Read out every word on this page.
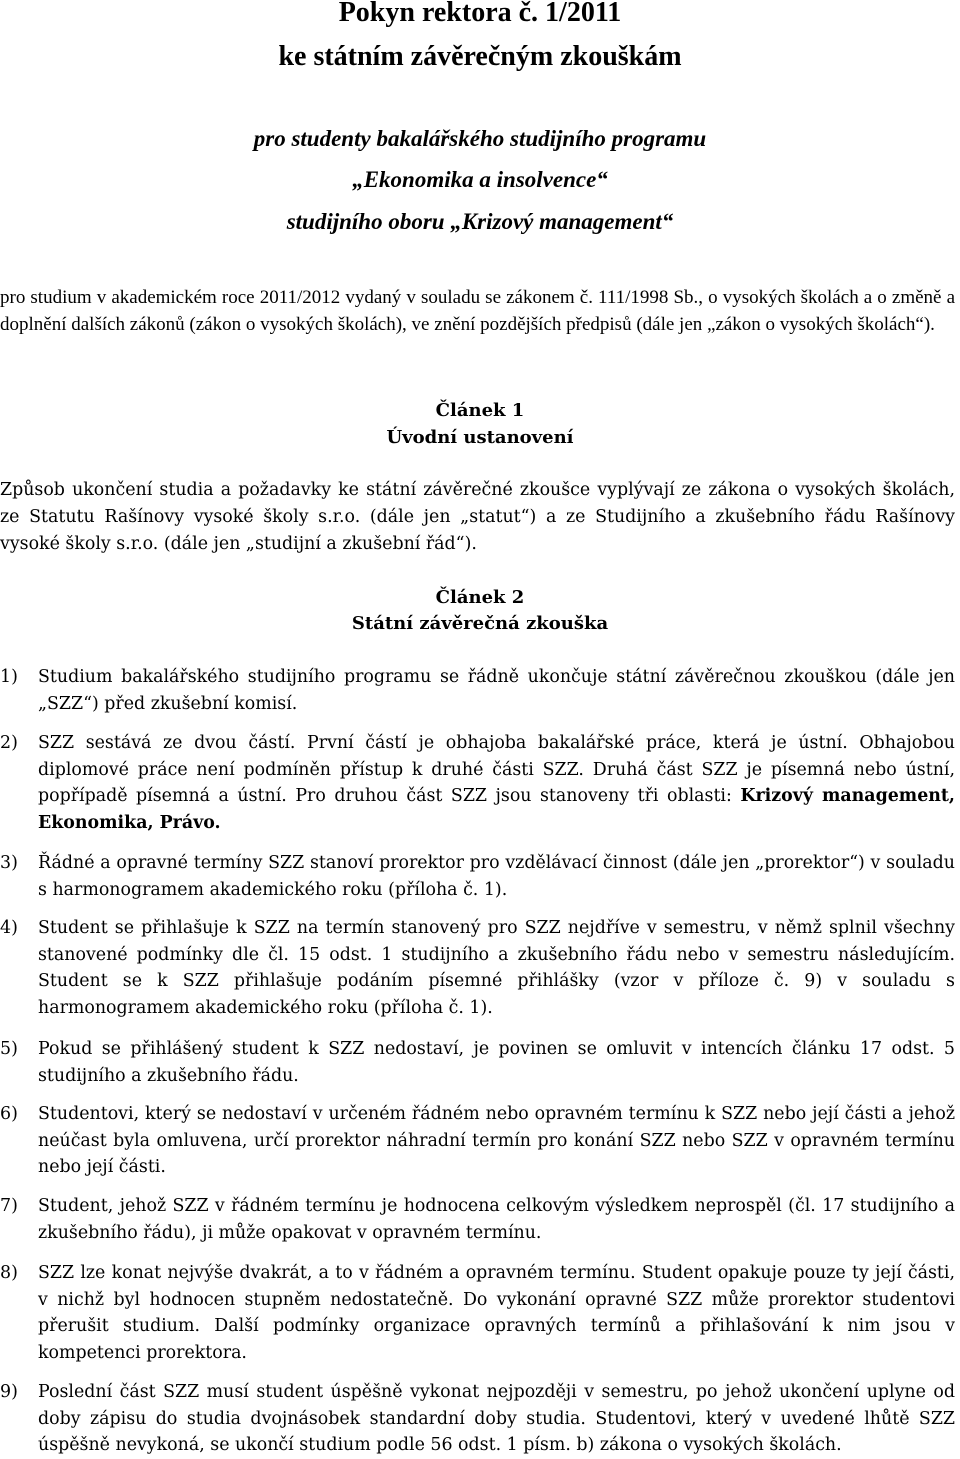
Pokyn rektora č. 1/2011
ke státním závěrečným zkouškám

pro studenty bakalářského studijního programu

„Ekonomika a insolvence“

studijního oboru „Krizový management“

pro studium v akademickém roce 2011/2012 vydaný v souladu se zákonem č. 111/1998 Sb., o vysokých školách a o změně a doplnění dalších zákonů (zákon o vysokých školách), ve znění pozdějších předpisů (dále jen „zákon o vysokých školách“).

Článek 1

Úvodní ustanovení

Způsob ukončení studia a požadavky ke státní závěrečné zkoušce vyplývají ze zákona o vysokých školách, ze Statutu Rašínovy vysoké školy s.r.o. (dále jen „statut“) a ze Studijního a zkušebního řádu Rašínovy vysoké školy s.r.o. (dále jen „studijní a zkušební řád“).

Článek 2

Státní závěrečná zkouška

1)	Studium bakalářského studijního programu se řádně ukončuje státní závěrečnou zkouškou (dále jen „SZZ“) před zkušební komisí.
2)	SZZ sestává ze dvou částí. První částí je obhajoba bakalářské práce, která je ústní. Obhajobou diplomové práce není podmíněn přístup k druhé části SZZ. Druhá část SZZ je písemná nebo ústní, popřípadě písemná a ústní. Pro druhou část SZZ jsou stanoveny tři oblasti: Krizový management, Ekonomika, Právo.
3)	Řádné a opravné termíny SZZ stanoví prorektor pro vzdělávací činnost (dále jen „prorektor“) v souladu s harmonogramem akademického roku (příloha č. 1).
4)	Student se přihlašuje k SZZ na termín stanovený pro SZZ nejdříve v semestru, v němž splnil všechny stanovené podmínky dle čl. 15 odst. 1 studijního a zkušebního řádu nebo v semestru následujícím. Student se k SZZ přihlašuje podáním písemné přihlášky (vzor v příloze č. 9) v souladu s harmonogramem akademického roku (příloha č. 1).
5)	Pokud se přihlášený student k SZZ nedostaví, je povinen se omluvit v intencích článku 17 odst. 5 studijního a zkušebního řádu.
6)	Studentovi, který se nedostaví v určeném řádném nebo opravném termínu k SZZ nebo její části a jehož neúčast byla omluvena, určí prorektor náhradní termín pro konání SZZ nebo SZZ v opravném termínu nebo její části.
7)	Student, jehož SZZ v řádném termínu je hodnocena celkovým výsledkem neprospěl (čl. 17 studijního a zkušebního řádu), ji může opakovat v opravném termínu.
8)	SZZ lze konat nejvýše dvakrát, a to v řádném a opravném termínu. Student opakuje pouze ty její části, v nichž byl hodnocen stupněm nedostatečně. Do vykonání opravné SZZ může prorektor studentovi přerušit studium. Další podmínky organizace opravných termínů a přihlašování k nim jsou v kompetenci prorektora.
9)	Poslední část SZZ musí student úspěšně vykonat nejpozději v semestru, po jehož ukončení uplyne od doby zápisu do studia dvojnásobek standardní doby studia. Studentovi, který v uvedené lhůtě SZZ úspěšně nevykoná, se ukončí studium podle 56 odst. 1 písm. b) zákona o vysokých školách.
